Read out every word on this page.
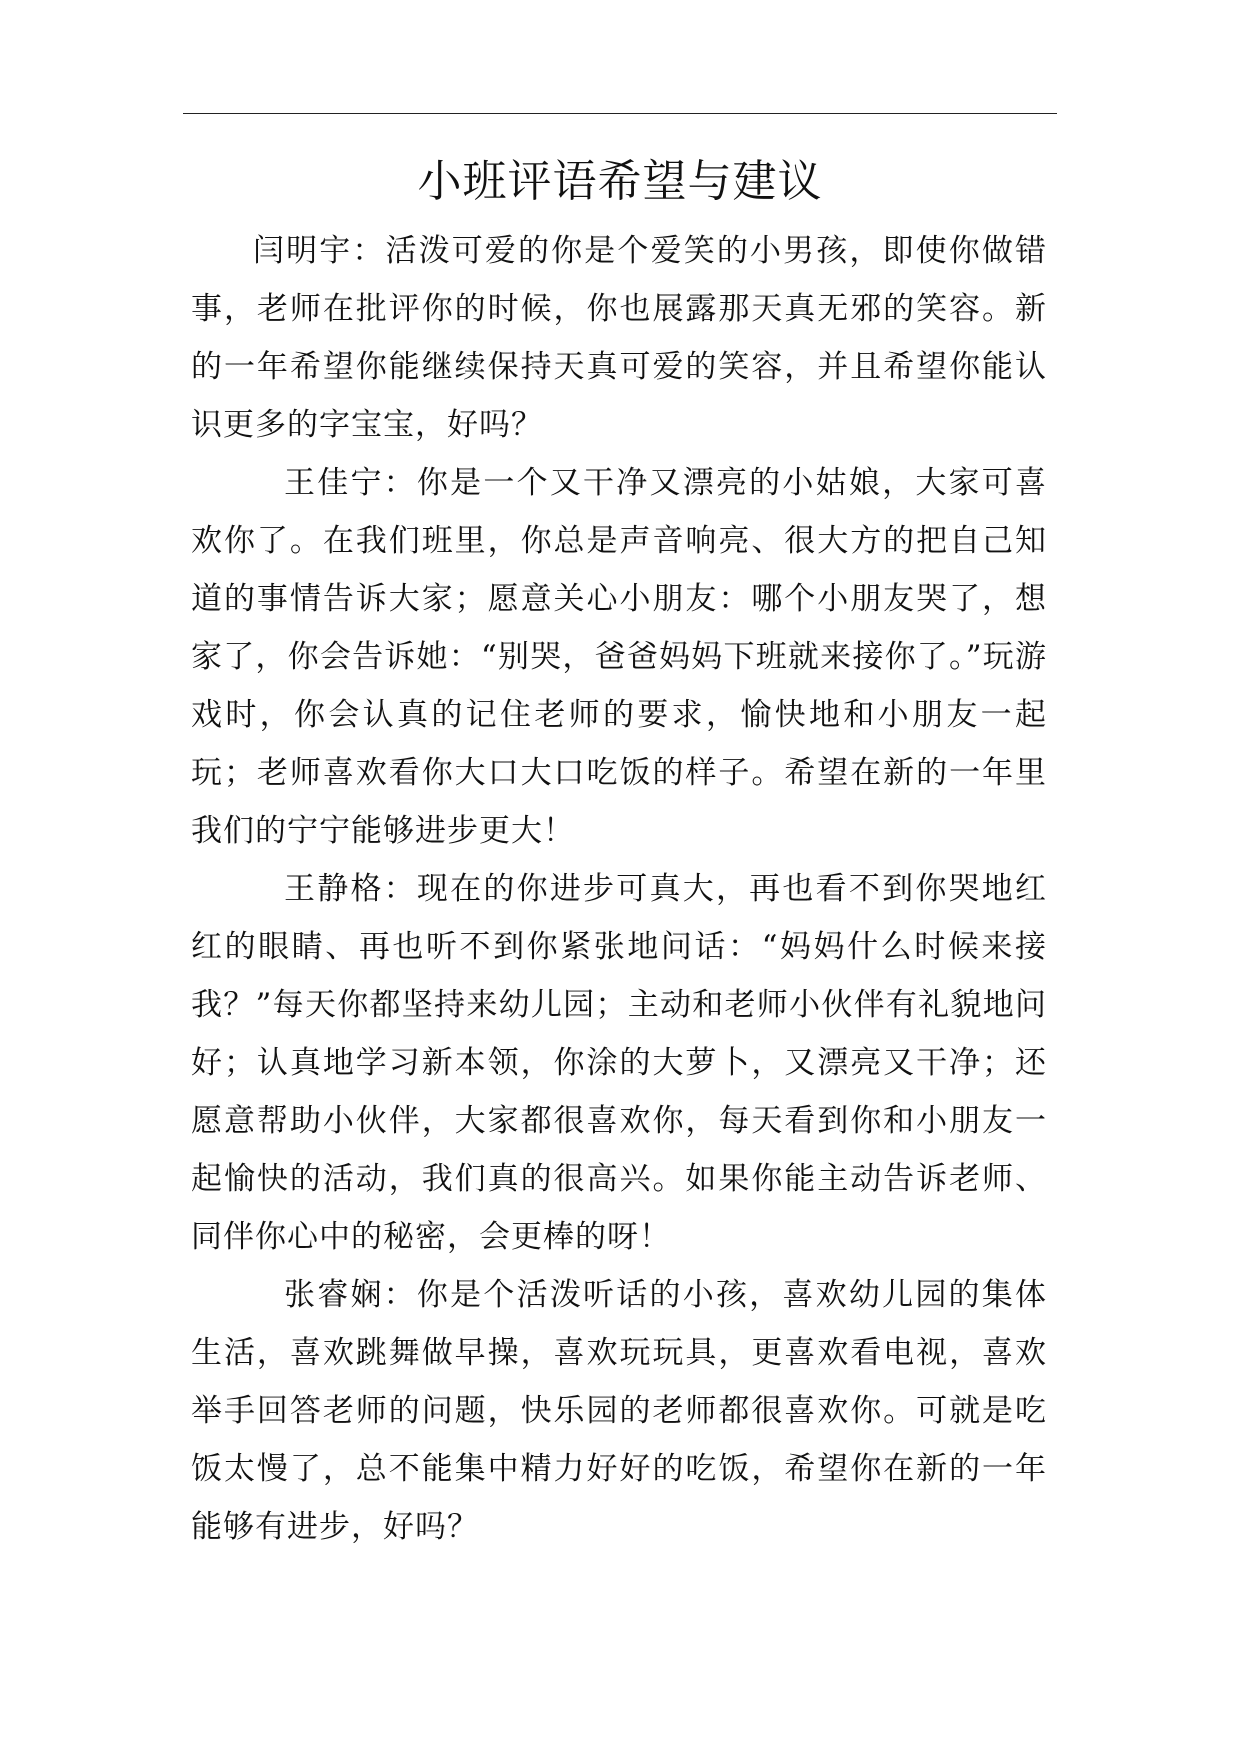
小班评语希望与建议

闫明宇：活泼可爱的你是个爱笑的小男孩，即使你做错事，老师在批评你的时候，你也展露那天真无邪的笑容。新的一年希望你能继续保持天真可爱的笑容，并且希望你能认识更多的字宝宝，好吗？

王佳宁：你是一个又干净又漂亮的小姑娘，大家可喜欢你了。在我们班里，你总是声音响亮、很大方的把自己知道的事情告诉大家；愿意关心小朋友：哪个小朋友哭了，想家了，你会告诉她：“别哭，爸爸妈妈下班就来接你了。”玩游戏时，你会认真的记住老师的要求，愉快地和小朋友一起玩；老师喜欢看你大口大口吃饭的样子。希望在新的一年里我们的宁宁能够进步更大！

王静格：现在的你进步可真大，再也看不到你哭地红红的眼睛、再也听不到你紧张地问话：“妈妈什么时候来接我？”每天你都坚持来幼儿园；主动和老师小伙伴有礼貌地问好；认真地学习新本领，你涂的大萝卜，又漂亮又干净；还愿意帮助小伙伴，大家都很喜欢你，每天看到你和小朋友一起愉快的活动，我们真的很高兴。如果你能主动告诉老师、同伴你心中的秘密，会更棒的呀！

张睿娴：你是个活泼听话的小孩，喜欢幼儿园的集体生活，喜欢跳舞做早操，喜欢玩玩具，更喜欢看电视，喜欢举手回答老师的问题，快乐园的老师都很喜欢你。可就是吃饭太慢了，总不能集中精力好好的吃饭，希望你在新的一年能够有进步，好吗？
